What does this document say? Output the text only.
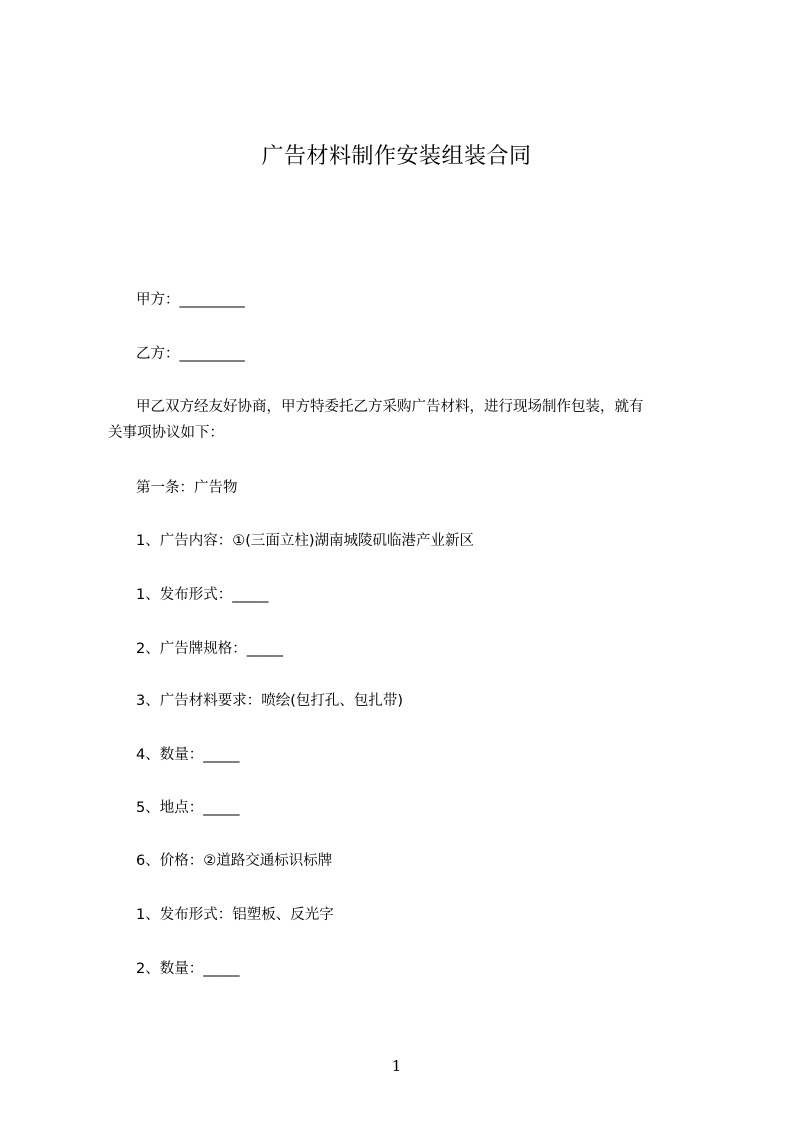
广告材料制作安装组装合同
甲方：_________
乙方：_________
甲乙双方经友好协商，甲方特委托乙方采购广告材料，进行现场制作包装，就有
关事项协议如下：
第一条：广告物
1、广告内容：①(三面立柱)湖南城陵矶临港产业新区
1、发布形式：_____
2、广告牌规格：_____
3、广告材料要求：喷绘(包打孔、包扎带)
4、数量：_____
5、地点：_____
6、价格：②道路交通标识标牌
1、发布形式：铝塑板、反光字
2、数量：_____
1
